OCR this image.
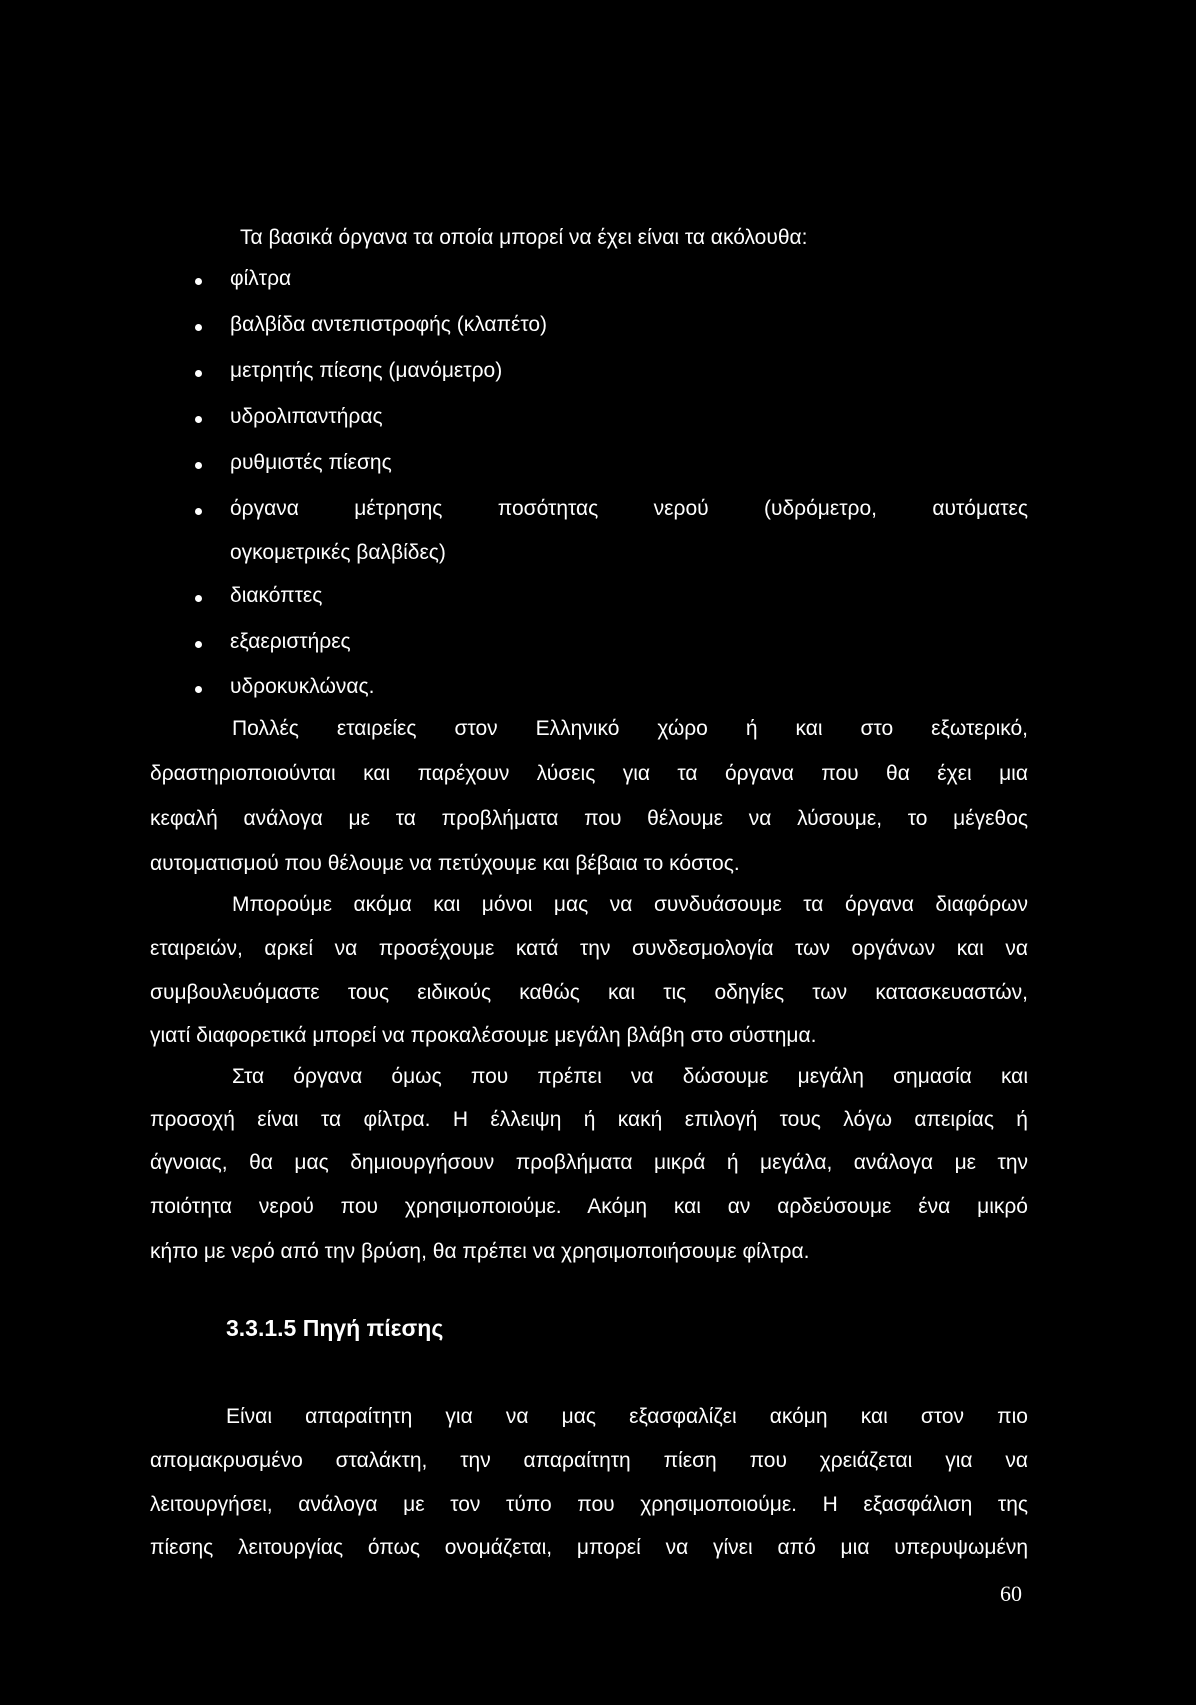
Τα βασικά όργανα τα οποία μπορεί να έχει είναι τα ακόλουθα:
φίλτρα
βαλβίδα αντεπιστροφής (κλαπέτο)
μετρητής πίεσης (μανόμετρο)
υδρολιπαντήρας
ρυθμιστές πίεσης
όργανα μέτρησης ποσότητας νερού (υδρόμετρο, αυτόματες
ογκομετρικές βαλβίδες)
διακόπτες
εξαεριστήρες
υδροκυκλώνας.
Πολλές εταιρείες στον Ελληνικό χώρο ή και στο εξωτερικό,
δραστηριοποιούνται και παρέχουν λύσεις για τα όργανα που θα έχει μια
κεφαλή ανάλογα με τα προβλήματα που θέλουμε να λύσουμε, το μέγεθος
αυτοματισμού που θέλουμε να πετύχουμε και βέβαια το κόστος.
Μπορούμε ακόμα και μόνοι μας να συνδυάσουμε τα όργανα διαφόρων
εταιρειών, αρκεί να προσέχουμε κατά την συνδεσμολογία των οργάνων και να
συμβουλευόμαστε τους ειδικούς καθώς και τις οδηγίες των κατασκευαστών,
γιατί διαφορετικά μπορεί να προκαλέσουμε μεγάλη βλάβη στο σύστημα.
Στα όργανα όμως που πρέπει να δώσουμε μεγάλη σημασία και
προσοχή είναι τα φίλτρα. Η έλλειψη ή κακή επιλογή τους λόγω απειρίας ή
άγνοιας, θα μας δημιουργήσουν προβλήματα μικρά ή μεγάλα, ανάλογα με την
ποιότητα νερού που χρησιμοποιούμε. Ακόμη και αν αρδεύσουμε ένα μικρό
κήπο με νερό από την βρύση, θα πρέπει να χρησιμοποιήσουμε φίλτρα.
3.3.1.5 Πηγή πίεσης
Είναι απαραίτητη για να μας εξασφαλίζει ακόμη και στον πιο
απομακρυσμένο σταλάκτη, την απαραίτητη πίεση που χρειάζεται για να
λειτουργήσει, ανάλογα με τον τύπο που χρησιμοποιούμε. Η εξασφάλιση της
πίεσης λειτουργίας όπως ονομάζεται, μπορεί να γίνει από μια υπερυψωμένη
60
